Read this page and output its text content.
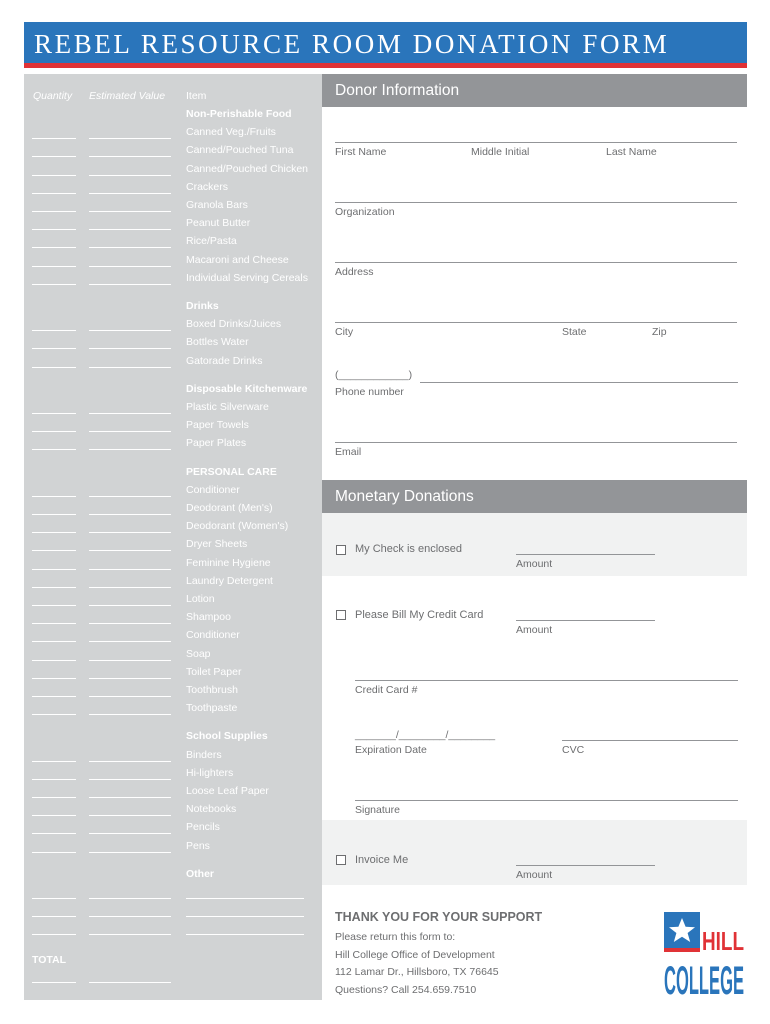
REBEL RESOURCE ROOM DONATION FORM
Quantity Estimated Value Item
Non-Perishable Food
Canned Veg./Fruits
Canned/Pouched Tuna
Canned/Pouched Chicken
Crackers
Granola Bars
Peanut Butter
Rice/Pasta
Macaroni and Cheese
Individual Serving Cereals
Drinks
Boxed Drinks/Juices
Bottles Water
Gatorade Drinks
Disposable Kitchenware
Plastic Silverware
Paper Towels
Paper Plates
PERSONAL CARE
Conditioner
Deodorant (Men's)
Deodorant (Women's)
Dryer Sheets
Feminine Hygiene
Laundry Detergent
Lotion
Shampoo
Conditioner
Soap
Toilet Paper
Toothbrush
Toothpaste
School Supplies
Binders
Hi-lighters
Loose Leaf Paper
Notebooks
Pencils
Pens
Other
TOTAL
Donor Information
First Name	Middle Initial	Last Name
Organization
Address
City	State	Zip
(____________)
Phone number
Email
Monetary Donations
My Check is enclosed
Amount
Please Bill My Credit Card
Amount
Credit Card #
_______/________/________
Expiration Date	CVC
Signature
Invoice Me
Amount
THANK YOU FOR YOUR SUPPORT
Please return this form to:
Hill College Office of Development
112 Lamar Dr., Hillsboro, TX 76645
Questions? Call 254.659.7510
HILL
COLLEGE
